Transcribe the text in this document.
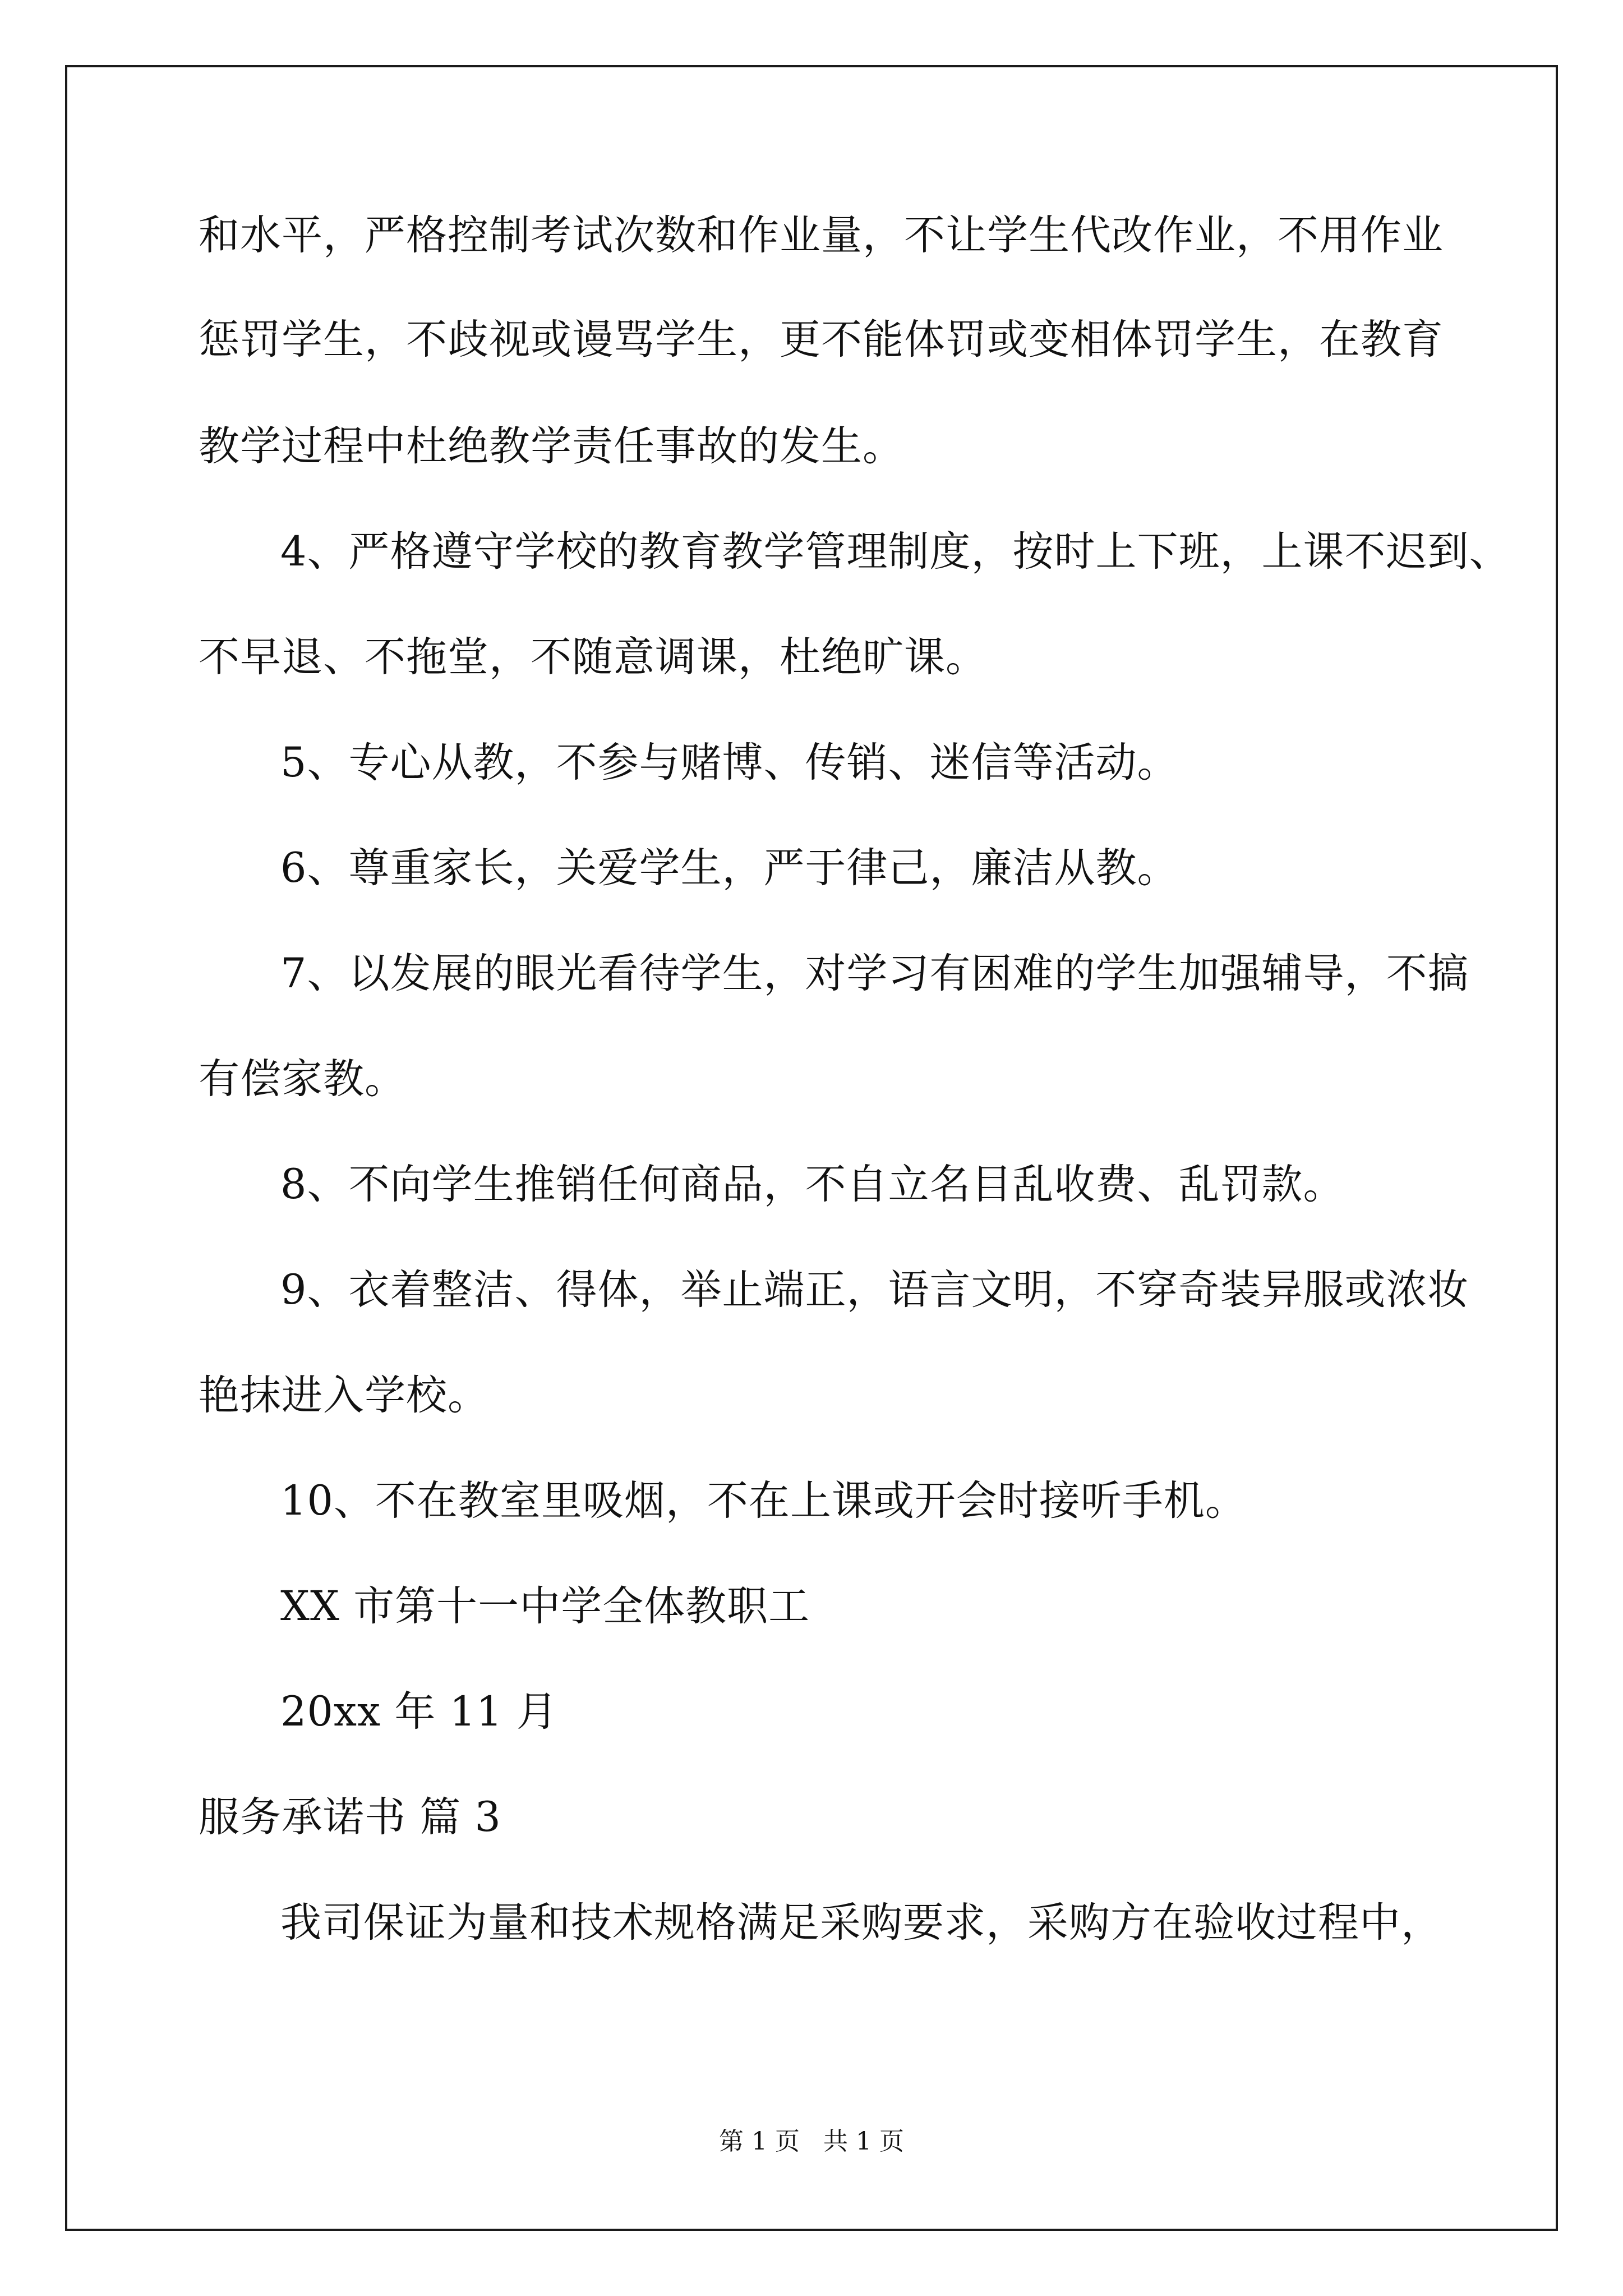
和水平，严格控制考试次数和作业量，不让学生代改作业，不用作业
惩罚学生，不歧视或谩骂学生，更不能体罚或变相体罚学生，在教育
教学过程中杜绝教学责任事故的发生。
4、严格遵守学校的教育教学管理制度，按时上下班，上课不迟到、
不早退、不拖堂，不随意调课，杜绝旷课。
5、专心从教，不参与赌博、传销、迷信等活动。
6、尊重家长，关爱学生，严于律己，廉洁从教。
7、以发展的眼光看待学生，对学习有困难的学生加强辅导，不搞
有偿家教。
8、不向学生推销任何商品，不自立名目乱收费、乱罚款。
9、衣着整洁、得体，举止端正，语言文明，不穿奇装异服或浓妆
艳抹进入学校。
10、不在教室里吸烟，不在上课或开会时接听手机。
XX 市第十一中学全体教职工
20xx 年 11 月
服务承诺书 篇 3
我司保证为量和技术规格满足采购要求，采购方在验收过程中，
第 1 页 共 1 页
